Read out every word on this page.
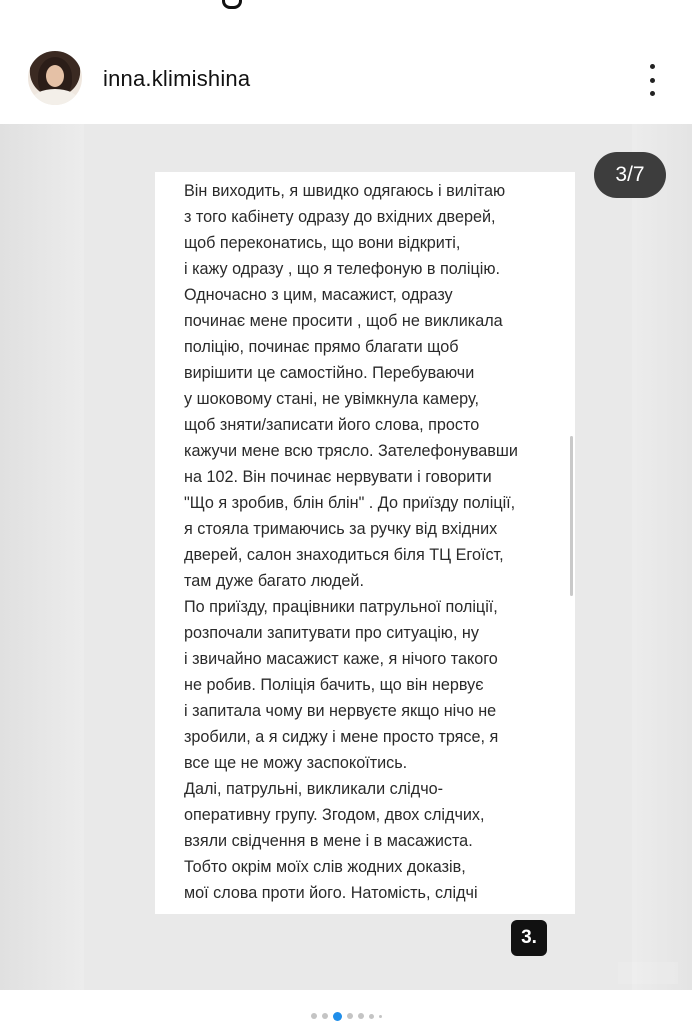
inna.klimishina
3/7
Він виходить, я швидко одягаюсь і вилітаю
з того кабінету одразу до вхідних дверей,
щоб переконатись, що вони відкриті,
і кажу одразу , що я телефоную в поліцію.
Одночасно з цим, масажист, одразу
починає мене просити , щоб не викликала
поліцію, починає прямо благати щоб
вирішити це самостійно. Перебуваючи
у шоковому стані, не увімкнула камеру,
щоб зняти/записати його слова, просто
кажучи мене всю трясло. Зателефонувавши
на 102. Він починає нервувати і говорити
"Що я зробив, блін блін" . До приїзду поліції,
я стояла тримаючись за ручку від вхідних
дверей, салон знаходиться біля ТЦ Егоїст,
там дуже багато людей.
По приїзду, працівники патрульної поліції,
розпочали запитувати про ситуацію, ну
і звичайно масажист каже, я нічого такого
не робив. Поліція бачить, що він нервує
і запитала чому ви нервуєте якщо нічо не
зробили, а я сиджу і мене просто трясе, я
все ще не можу заспокоїтись.
Далі, патрульні, викликали слідчо-
оперативну групу. Згодом, двох слідчих,
взяли свідчення в мене і в масажиста.
Тобто окрім моїх слів жодних доказів,
мої слова проти його. Натомість, слідчі
3.
